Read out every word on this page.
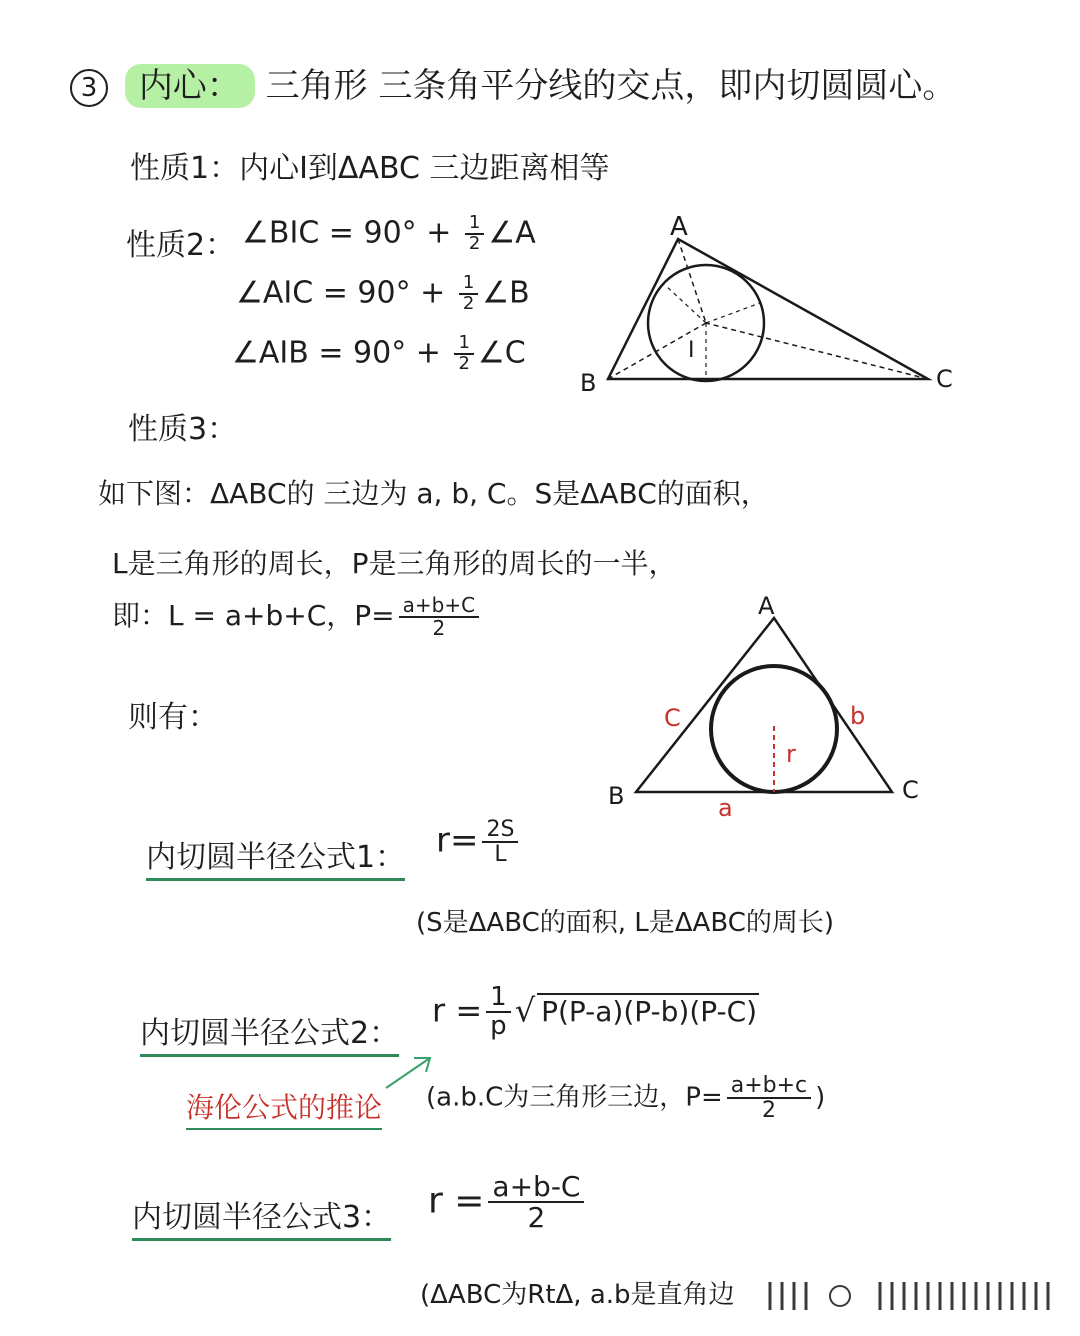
3 内心： 三角形 三条角平分线的交点，即内切圆圆心。
性质1：内心I到ΔABC 三边距离相等
性质2： ∠BIC = $90^\circ + \frac{1}{2}$ ∠A
∠AIC = $90^\circ + \frac{1}{2}$ ∠B
∠AIB = $90^\circ + \frac{1}{2}$ ∠C
A
B	C
I
性质3：
如下图：ΔABC的 三边为 a, b, C。S是ΔABC的面积，
L是三角形的周长，P是三角形的周长的一半，
即：L = a+b+C，$P= \frac{a+b+C}{2}$
则有：
A
B	C
a
b
C
r
内切圆半径公式1： $r= \frac{2S}{L}$
(S是ΔABC的面积, L是ΔABC的周长)
内切圆半径公式2：
$r = \frac{1}{p}$ √ P(P-a)(P-b)(P-C)
海伦公式的推论 (a.b.C为三角形三边，$P= \frac{a+b+c}{2}$ )
内切圆半径公式3： $r = \frac{a+b-C}{2}$
(ΔABC为RtΔ, a.b是直角边
